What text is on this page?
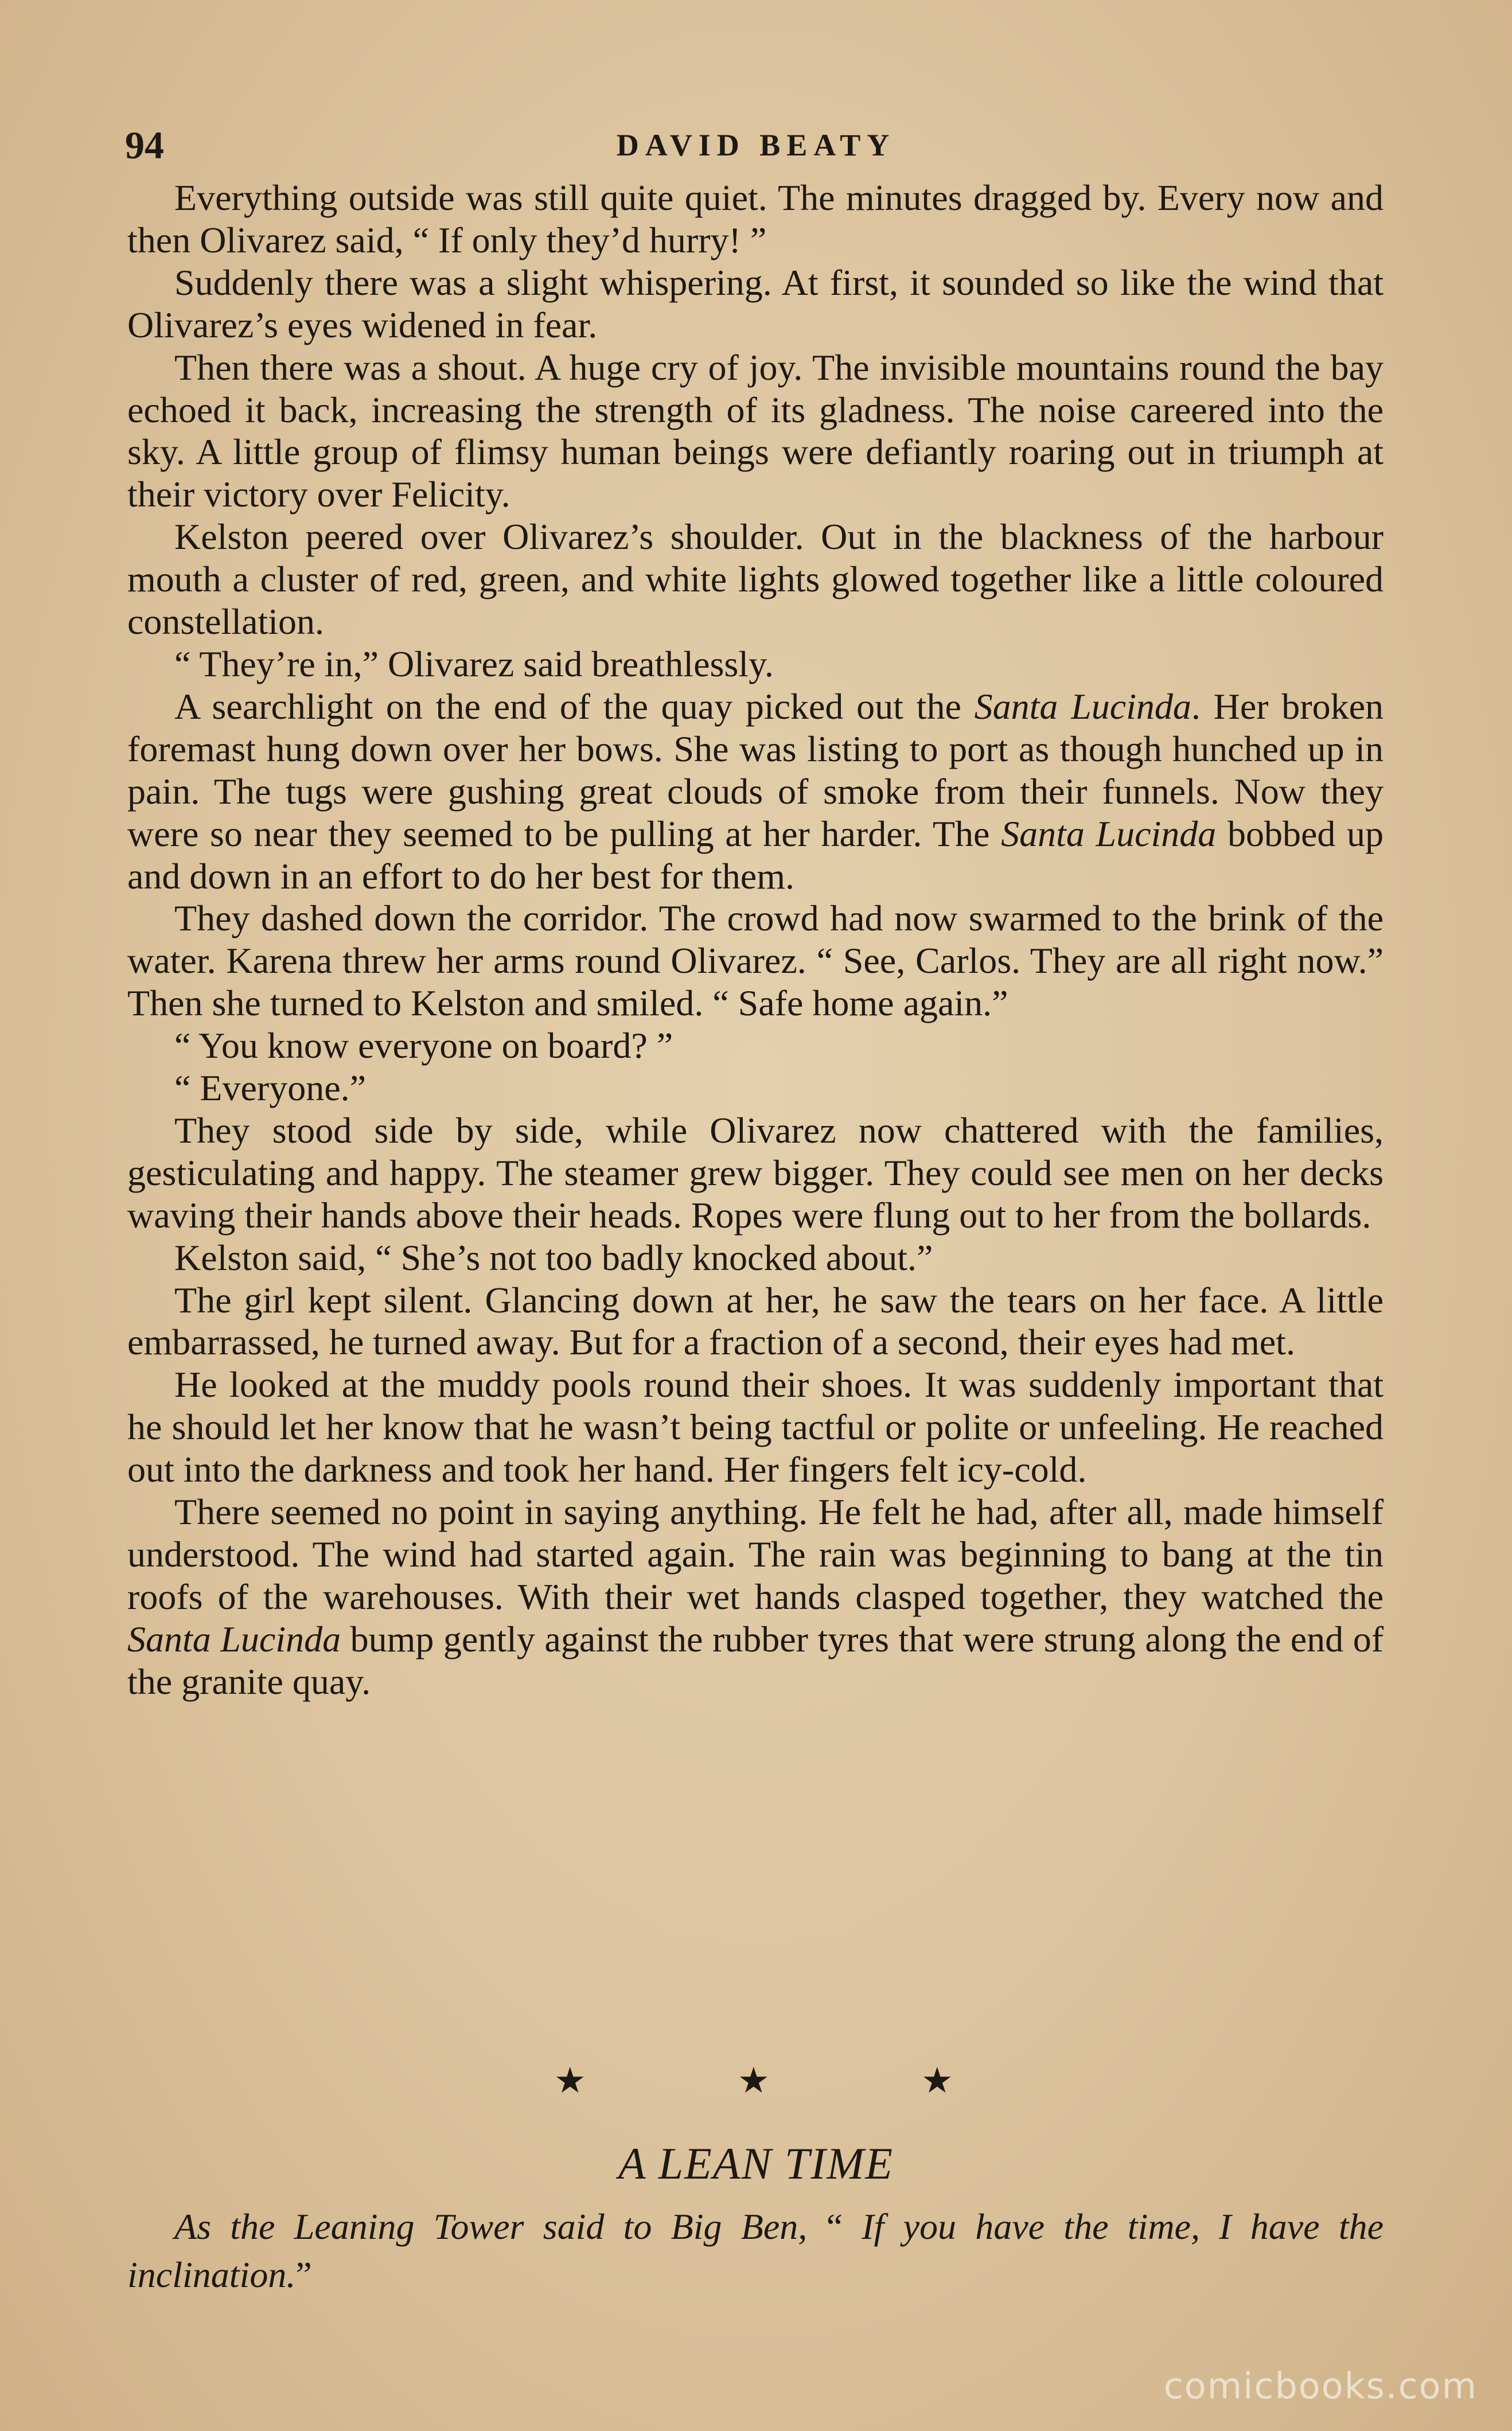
94	DAVID BEATY

Everything outside was still quite quiet. The minutes dragged by. Every now and then Olivarez said, “ If only they’d hurry! ”

Suddenly there was a slight whispering. At first, it sounded so like the wind that Olivarez’s eyes widened in fear.

Then there was a shout. A huge cry of joy. The invisible mountains round the bay echoed it back, increasing the strength of its gladness. The noise careered into the sky. A little group of flimsy human beings were defiantly roaring out in triumph at their victory over Felicity.

Kelston peered over Olivarez’s shoulder. Out in the blackness of the harbour mouth a cluster of red, green, and white lights glowed together like a little coloured constellation.

“ They’re in,” Olivarez said breathlessly.

A searchlight on the end of the quay picked out the Santa Lucinda. Her broken foremast hung down over her bows. She was listing to port as though hunched up in pain. The tugs were gushing great clouds of smoke from their funnels. Now they were so near they seemed to be pulling at her harder. The Santa Lucinda bobbed up and down in an effort to do her best for them.

They dashed down the corridor. The crowd had now swarmed to the brink of the water. Karena threw her arms round Olivarez. “ See, Carlos. They are all right now.” Then she turned to Kelston and smiled. “ Safe home again.”

“ You know everyone on board? ”

“ Everyone.”

They stood side by side, while Olivarez now chattered with the families, gesticulating and happy. The steamer grew bigger. They could see men on her decks waving their hands above their heads. Ropes were flung out to her from the bollards.

Kelston said, “ She’s not too badly knocked about.”

The girl kept silent. Glancing down at her, he saw the tears on her face. A little embarrassed, he turned away. But for a fraction of a second, their eyes had met.

He looked at the muddy pools round their shoes. It was suddenly important that he should let her know that he wasn’t being tactful or polite or unfeeling. He reached out into the darkness and took her hand. Her fingers felt icy-cold.

There seemed no point in saying anything. He felt he had, after all, made himself understood. The wind had started again. The rain was beginning to bang at the tin roofs of the warehouses. With their wet hands clasped together, they watched the Santa Lucinda bump gently against the rubber tyres that were strung along the end of the granite quay.

★	★	★
A LEAN TIME

As the Leaning Tower said to Big Ben, “ If you have the time, I have the inclination.”

comicbooks.com
